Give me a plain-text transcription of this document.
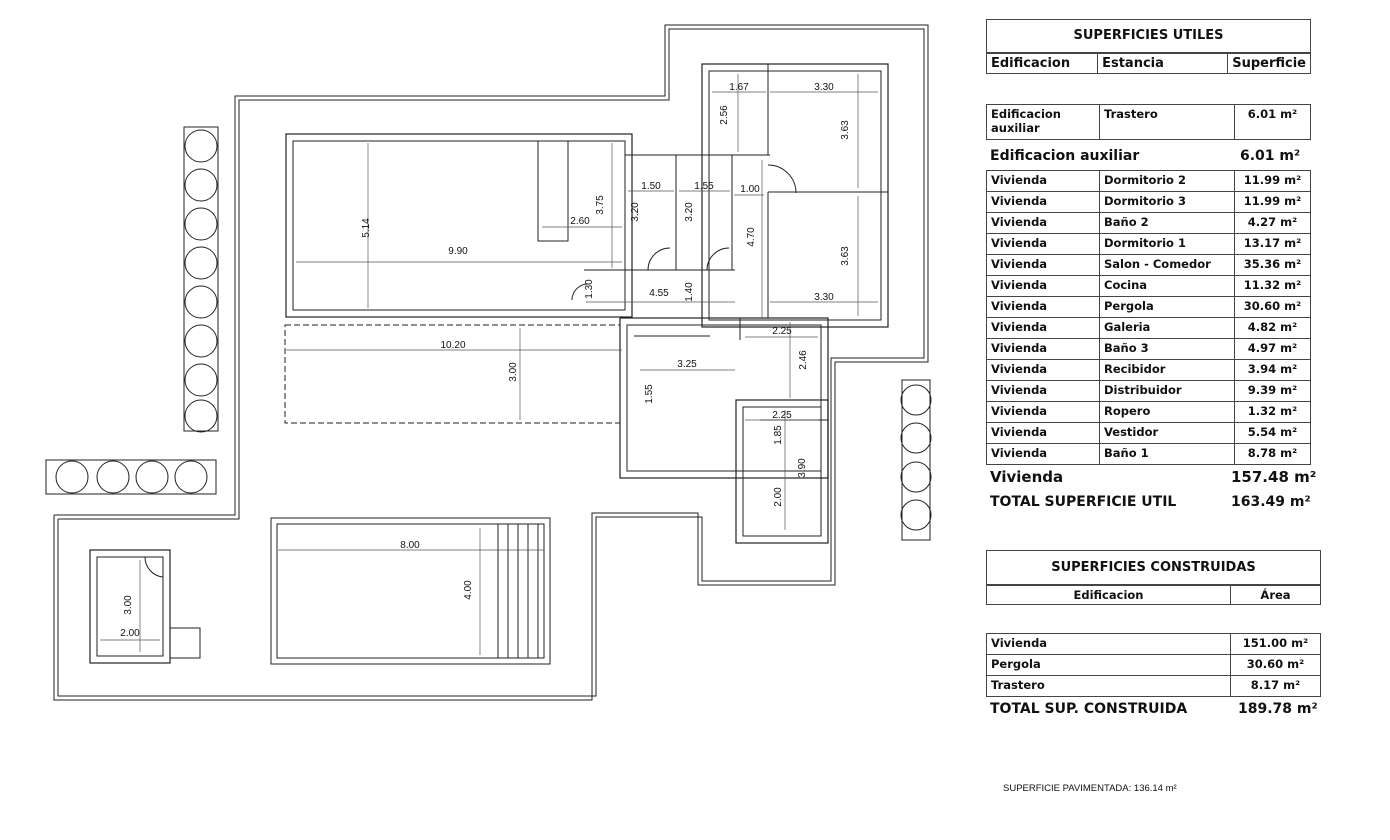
1.67	3.30
2.56
3.63
1.50	1.55	1.00
3.75 3.20	3.20
2.60
5.14
9.90
4.70
3.63
4.55 1.40
1.30	3.30
10.20
3.00
2.25
2.46
3.25
1.55
2.25
1.85
3.90
2.00
8.00
4.00
3.00
2.00
SUPERFICIES UTILES
Edificacion	Estancia	Superficie
Edificacion auxiliar	Trastero	6.01 m²
Edificacion auxiliar	6.01 m²
Vivienda	Dormitorio 2	11.99 m²
Vivienda	Dormitorio 3	11.99 m²
Vivienda	Baño 2	4.27 m²
Vivienda	Dormitorio 1	13.17 m²
Vivienda	Salon - Comedor	35.36 m²
Vivienda	Cocina	11.32 m²
Vivienda	Pergola	30.60 m²
Vivienda	Galeria	4.82 m²
Vivienda	Baño 3	4.97 m²
Vivienda	Recibidor	3.94 m²
Vivienda	Distribuidor	9.39 m²
Vivienda	Ropero	1.32 m²
Vivienda	Vestidor	5.54 m²
Vivienda	Baño 1	8.78 m²
Vivienda	157.48 m²
TOTAL SUPERFICIE UTIL	163.49 m²
SUPERFICIES CONSTRUIDAS
Edificacion	Área
Vivienda	151.00 m²
Pergola	30.60 m²
Trastero	8.17 m²
TOTAL SUP. CONSTRUIDA	189.78 m²
SUPERFICIE PAVIMENTADA: 136.14 m²
